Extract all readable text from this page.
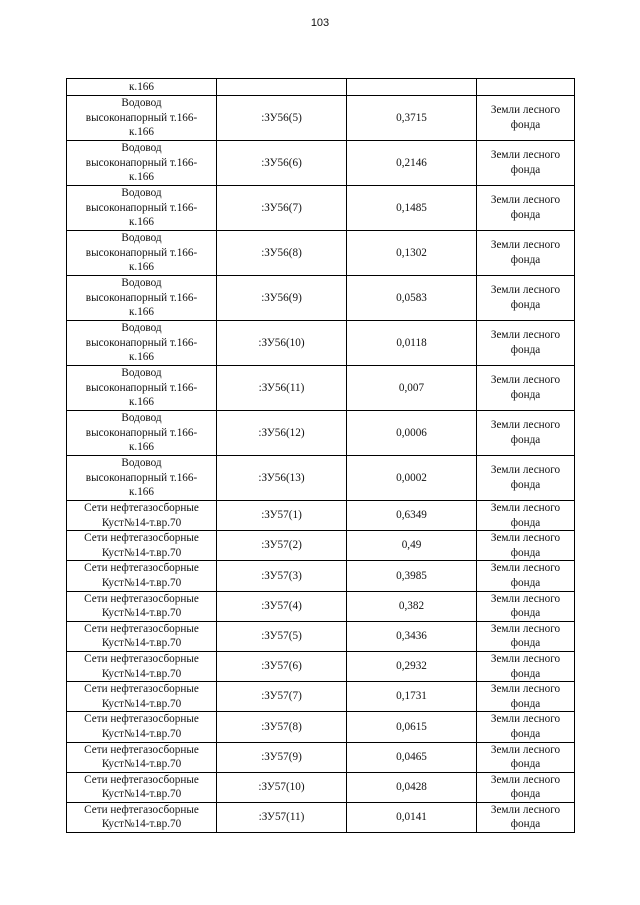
103
к.166			

Водовод
высоконапорный т.166-
к.166	:ЗУ56(5)	0,3715	Земли лесного
фонда

Водовод
высоконапорный т.166-
к.166	:ЗУ56(6)	0,2146	Земли лесного
фонда

Водовод
высоконапорный т.166-
к.166	:ЗУ56(7)	0,1485	Земли лесного
фонда

Водовод
высоконапорный т.166-
к.166	:ЗУ56(8)	0,1302	Земли лесного
фонда

Водовод
высоконапорный т.166-
к.166	:ЗУ56(9)	0,0583	Земли лесного
фонда

Водовод
высоконапорный т.166-
к.166	:ЗУ56(10)	0,0118	Земли лесного
фонда

Водовод
высоконапорный т.166-
к.166	:ЗУ56(11)	0,007	Земли лесного
фонда

Водовод
высоконапорный т.166-
к.166	:ЗУ56(12)	0,0006	Земли лесного
фонда

Водовод
высоконапорный т.166-
к.166	:ЗУ56(13)	0,0002	Земли лесного
фонда

Сети нефтегазосборные
Куст№14-т.вр.70	:ЗУ57(1)	0,6349	Земли лесного
фонда

Сети нефтегазосборные
Куст№14-т.вр.70	:ЗУ57(2)	0,49	Земли лесного
фонда

Сети нефтегазосборные
Куст№14-т.вр.70	:ЗУ57(3)	0,3985	Земли лесного
фонда

Сети нефтегазосборные
Куст№14-т.вр.70	:ЗУ57(4)	0,382	Земли лесного
фонда

Сети нефтегазосборные
Куст№14-т.вр.70	:ЗУ57(5)	0,3436	Земли лесного
фонда

Сети нефтегазосборные
Куст№14-т.вр.70	:ЗУ57(6)	0,2932	Земли лесного
фонда

Сети нефтегазосборные
Куст№14-т.вр.70	:ЗУ57(7)	0,1731	Земли лесного
фонда

Сети нефтегазосборные
Куст№14-т.вр.70	:ЗУ57(8)	0,0615	Земли лесного
фонда

Сети нефтегазосборные
Куст№14-т.вр.70	:ЗУ57(9)	0,0465	Земли лесного
фонда

Сети нефтегазосборные
Куст№14-т.вр.70	:ЗУ57(10)	0,0428	Земли лесного
фонда

Сети нефтегазосборные
Куст№14-т.вр.70	:ЗУ57(11)	0,0141	Земли лесного
фонда
